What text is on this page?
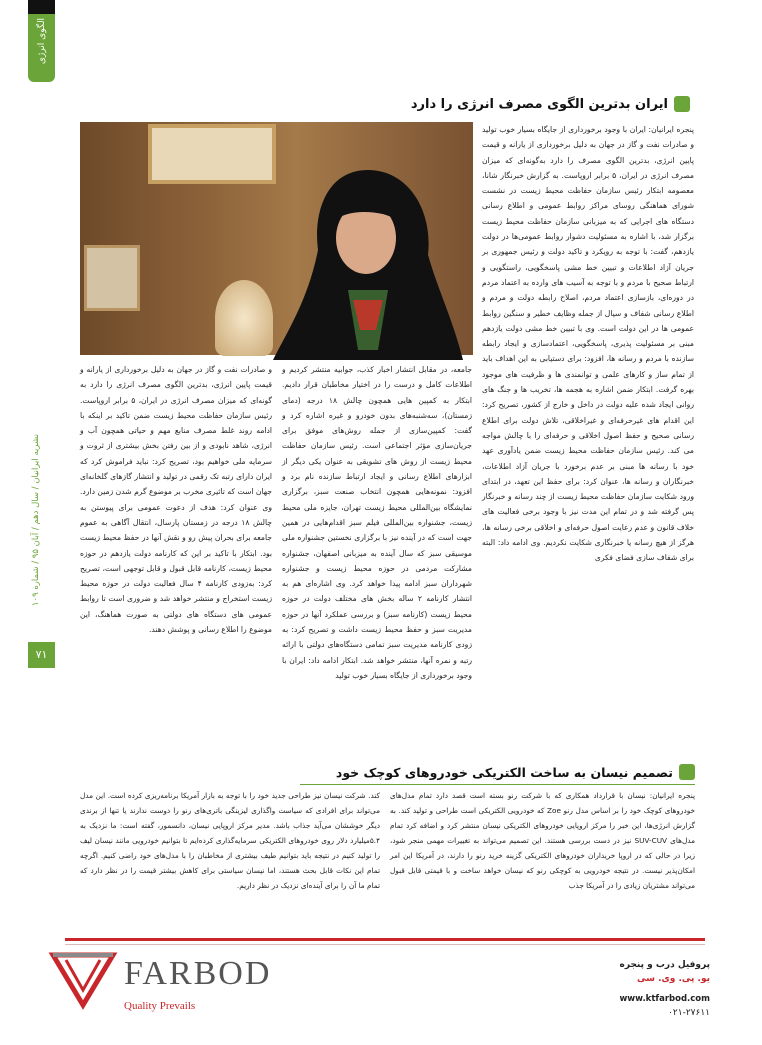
الگوی انرژی
نشریه ایرانیان / سال دهم / آبان ۹۵ / شماره ۱۰۹
۷۱
ایران بدترین الگوی مصرف انرژی را دارد
پنجره ایرانیان: ایران با وجود برخورداری از جایگاه بسیار خوب تولید و صادرات نفت و گاز در جهان به دلیل برخورداری از یارانه و قیمت پایین انرژی، بدترین الگوی مصرف را دارد به‌گونه‌ای که میزان مصرف انرژی در ایران، ۵ برابر اروپاست. به گزارش خبرنگار شانا، معصومه ابتکار رئیس سازمان حفاظت محیط زیست در نشست شورای هماهنگی روسای مراکز روابط عمومی و اطلاع رسانی دستگاه های اجرایی که به میزبانی سازمان حفاظت محیط زیست برگزار شد، با اشاره به مسئولیت دشوار روابط عمومی‌ها در دولت یازدهم، گفت: با توجه به رویکرد و تاکید دولت و رئیس جمهوری بر جریان آزاد اطلاعات و تبیین خط مشی پاسخگویی، راستگویی و ارتباط صحیح با مردم و با توجه به آسیب های وارده به اعتماد مردم در دوره‌ای، بازسازی اعتماد مردم، اصلاح رابطه دولت و مردم و اطلاع رسانی شفاف و سیال از جمله وظایف خطیر و سنگین روابط عمومی ها در این دولت است. وی با تبیین خط مشی دولت یازدهم مبنی بر مسئولیت پذیری، پاسخگویی، اعتمادسازی و ایجاد رابطه سازنده با مردم و رسانه ها، افزود: برای دستیابی به این اهداف باید از تمام ساز و کارهای علمی و توانمندی ها و ظرفیت های موجود بهره گرفت. ابتکار ضمن اشاره به هجمه ها، تخریب ها و جنگ های روانی ایجاد شده علیه دولت در داخل و خارج از کشور، تصریح کرد: این اقدام های غیرحرفه‌ای و غیراخلاقی، تلاش دولت برای اطلاع رسانی صحیح و حفظ اصول اخلاقی و حرفه‌ای را با چالش مواجه می کند. رئیس سازمان حفاظت محیط زیست ضمن یادآوری عهد خود با رسانه ها مبنی بر عدم برخورد با جریان آزاد اطلاعات، خبرنگاران و رسانه ها، عنوان کرد: برای حفظ این تعهد، در ابتدای ورود شکایت سازمان حفاظت محیط زیست از چند رسانه و خبرنگار پس گرفته شد و در تمام این مدت نیز با وجود برخی فعالیت های خلاف قانون و عدم رعایت اصول حرفه‌ای و اخلاقی برخی رسانه ها، هرگز از هیچ رسانه یا خبرنگاری شکایت نکردیم. وی ادامه داد: البته برای شفاف سازی فضای فکری
جامعه، در مقابل انتشار اخبار کذب، جوابیه منتشر کردیم و اطلاعات کامل و درست را در اختیار مخاطبان قرار دادیم. ابتکار به کمپین هایی همچون چالش ۱۸ درجه (دمای زمستان)، سه‌شنبه‌های بدون خودرو و غیره اشاره کرد و گفت: کمپین‌سازی از جمله روش‌های موفق برای جریان‌سازی مؤثر اجتماعی است. رئیس سازمان حفاظت محیط زیست از روش های تشویقی به عنوان یکی دیگر از ابزارهای اطلاع رسانی و ایجاد ارتباط سازنده نام برد و افزود: نمونه‌هایی همچون انتخاب صنعت سبز، برگزاری نمایشگاه بین‌المللی محیط زیست تهران، جایزه ملی محیط زیست، جشنواره بین‌المللی فیلم سبز اقدام‌هایی در همین جهت است که در آینده نیز با برگزاری نخستین جشنواره ملی موسیقی سبز که سال آینده به میزبانی اصفهان، جشنواره مشارکت مردمی در حوزه محیط زیست و جشنواره شهرداران سبز ادامه پیدا خواهد کرد. وی اشاره‌ای هم به انتشار کارنامه ۲ ساله بخش های مختلف دولت در حوزه محیط زیست (کارنامه سبز) و بررسی عملکرد آنها در حوزه مدیریت سبز و حفظ محیط زیست داشت و تصریح کرد: به زودی کارنامه مدیریت سبز تمامی دستگاه‌های دولتی با ارائه رتبه و نمره آنها، منتشر خواهد شد. ابتکار ادامه داد: ایران با وجود برخورداری از جایگاه بسیار خوب تولید
و صادرات نفت و گاز در جهان به دلیل برخورداری از یارانه و قیمت پایین انرژی، بدترین الگوی مصرف انرژی را دارد به گونه‌ای که میزان مصرف انرژی در ایران، ۵ برابر اروپاست. رئیس سازمان حفاظت محیط زیست ضمن تاکید بر اینکه با ادامه روند غلط مصرف منابع مهم و حیاتی همچون آب و انرژی، شاهد نابودی و از بین رفتن بخش بیشتری از ثروت و سرمایه ملی خواهیم بود، تصریح کرد: نباید فراموش کرد که ایران دارای رتبه تک رقمی در تولید و انتشار گازهای گلخانه‌ای جهان است که تاثیری مخرب بر موضوع گرم شدن زمین دارد. وی عنوان کرد: هدف از دعوت عمومی برای پیوستن به چالش ۱۸ درجه در زمستان پارسال، انتقال آگاهی به عموم جامعه برای بحران پیش رو و نقش آنها در حفظ محیط زیست بود. ابتکار با تاکید بر این که کارنامه دولت یازدهم در حوزه محیط زیست، کارنامه قابل قبول و قابل توجهی است، تصریح کرد: به‌زودی کارنامه ۴ سال فعالیت دولت در حوزه محیط زیست استخراج و منتشر خواهد شد و ضروری است تا روابط عمومی های دستگاه های دولتی به صورت هماهنگ، این موضوع را اطلاع رسانی و پوشش دهند.
تصمیم نیسان به ساخت الکتریکی خودروهای کوچک خود
پنجره ایرانیان: نیسان با قرارداد همکاری که با شرکت رنو بسته است قصد دارد تمام مدل‌های خودروهای کوچک خود را بر اساس مدل رنو Zoe که خودرویی الکتریکی است طراحی و تولید کند. به گزارش انرژی‌ها، این خبر را مرکز اروپایی خودروهای الکتریکی نیسان منتشر کرد و اضافه کرد تمام مدل‌های SUV-CUV نیز در دست بررسی هستند. این تصمیم می‌تواند به تغییرات مهمی منجر شود، زیرا در حالی که در اروپا خریداران خودروهای الکتریکی گزینه خرید رنو را دارند، در آمریکا این امر امکان‌پذیر نیست. در نتیجه خودرویی به کوچکی رنو که نیسان خواهد ساخت و با قیمتی قابل قبول می‌تواند مشتریان زیادی را در آمریکا جذب
کند. شرکت نیسان نیز طراحی جدید خود را با توجه به بازار آمریکا برنامه‌ریزی کرده است. این مدل می‌تواند برای افرادی که سیاست واگذاری لیزینگی باتری‌های رنو را دوست ندارند یا تنها از برندی دیگر خوششان می‌آید جذاب باشد. مدیر مرکز اروپایی نیسان، دانسمور، گفته است: ما نزدیک به ۵.۴میلیارد دلار روی خودروهای الکتریکی سرمایه‌گذاری کرده‌ایم تا بتوانیم خودرویی مانند نیسان لیف را تولید کنیم در نتیجه باید بتوانیم طیف بیشتری از مخاطبان را با مدل‌های خود راضی کنیم. اگرچه تمام این نکات قابل بحث هستند، اما نیسان سیاستی برای کاهش بیشتر قیمت را در نظر دارد که تمام ما آن را برای آینده‌ای نزدیک در نظر داریم.
FARBOD
Quality Prevails
پروفیل درب و پنجره
یو. پی. وی. سی
www.ktfarbod.com
۰۲۱-۲۷۶۱۱
